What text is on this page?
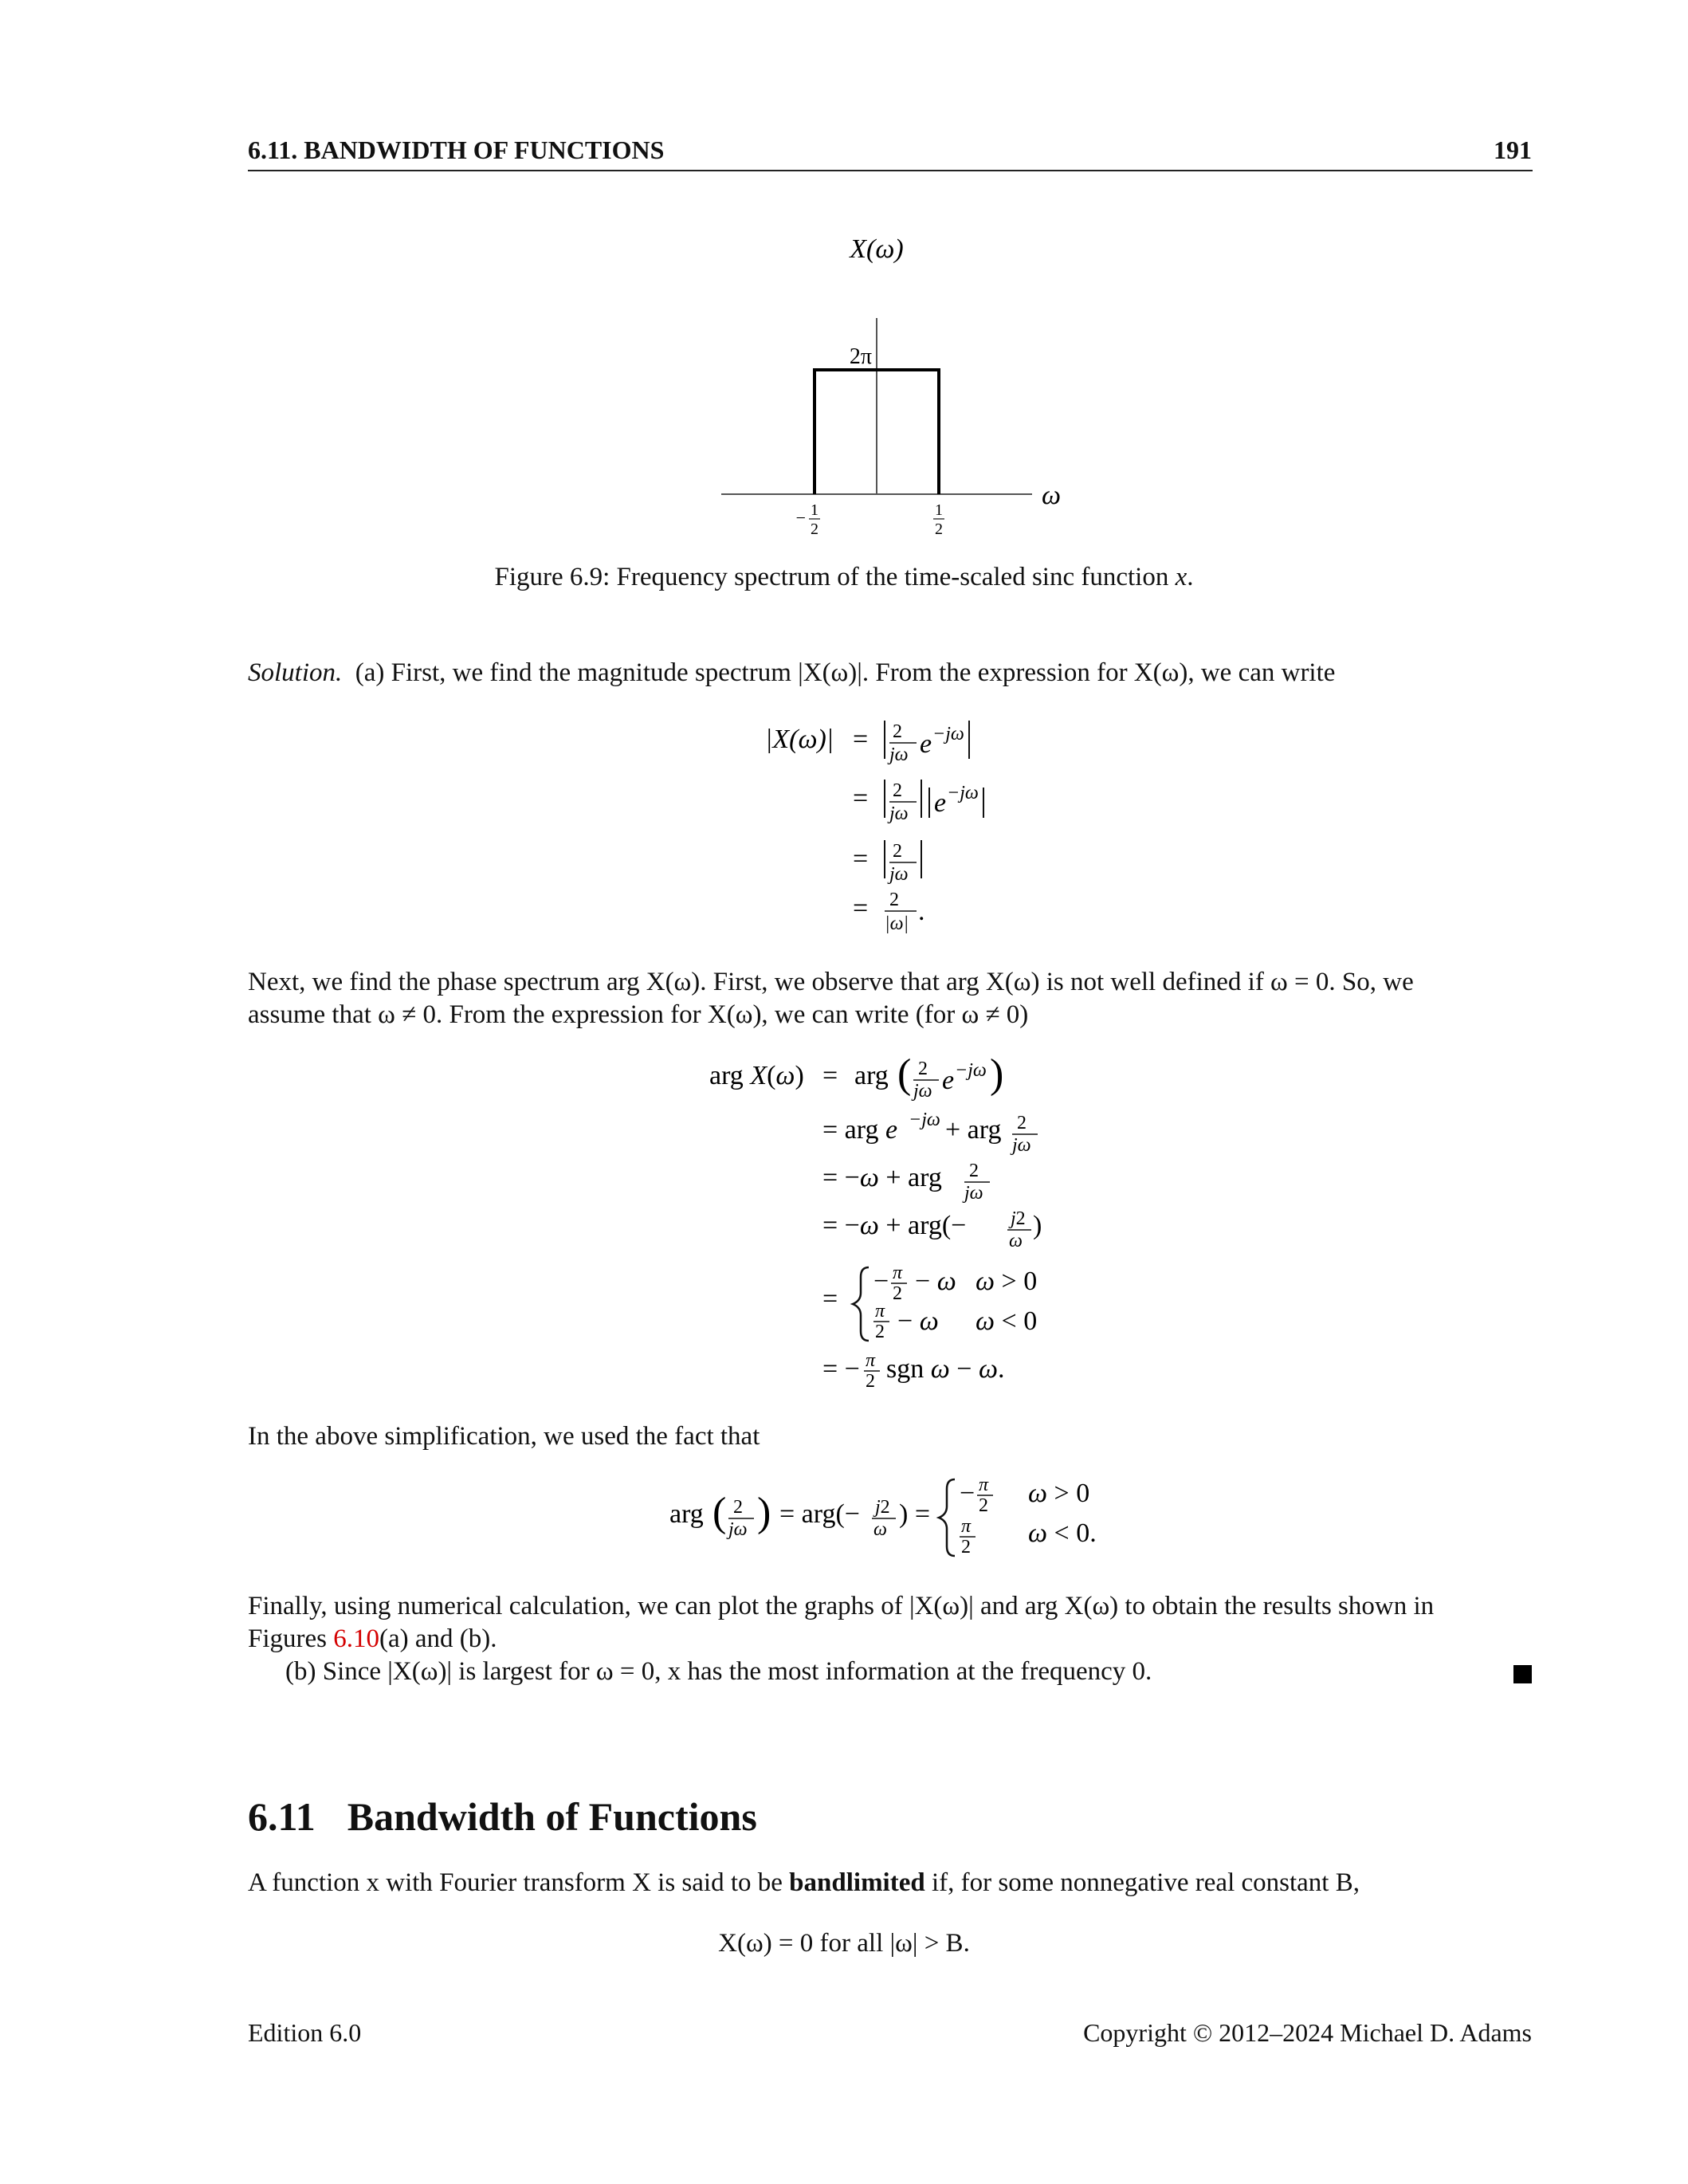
6.11. BANDWIDTH OF FUNCTIONS	191
X(ω)
ω
2π
1
2
−	1
2
Figure 6.9: Frequency spectrum of the time-scaled sinc function x.
Solution. (a) First, we find the magnitude spectrum |X(ω)|. From the expression for X(ω), we can write
|X(ω)| = 2
jω e −jω
= 2
jω e −jω
= 2
jω
= 2
|ω| .
Next, we find the phase spectrum arg X(ω). First, we observe that arg X(ω) is not well defined if ω = 0. So, we
assume that ω ≠ 0. From the expression for X(ω), we can write (for ω ≠ 0)
arg X(ω) = arg ( 2
jω e −jω )
= arg e −jω + arg 2
jω
= −ω + arg 2
jω
= −ω + arg(− j2
ω
)
=
− π
2 − ω ω > 0
π
2 − ω ω < 0
= − π
2 sgn ω − ω.
In the above simplification, we used the fact that
arg ( 2
jω ) = arg(− j2
ω
) =
− π
2 ω > 0
π
2 ω < 0.
Finally, using numerical calculation, we can plot the graphs of |X(ω)| and arg X(ω) to obtain the results shown in
Figures 6.10(a) and (b).
(b) Since |X(ω)| is largest for ω = 0, x has the most information at the frequency 0.
6.11 Bandwidth of Functions
A function x with Fourier transform X is said to be bandlimited if, for some nonnegative real constant B,
X(ω) = 0 for all |ω| > B.
Edition 6.0	Copyright © 2012–2024 Michael D. Adams
